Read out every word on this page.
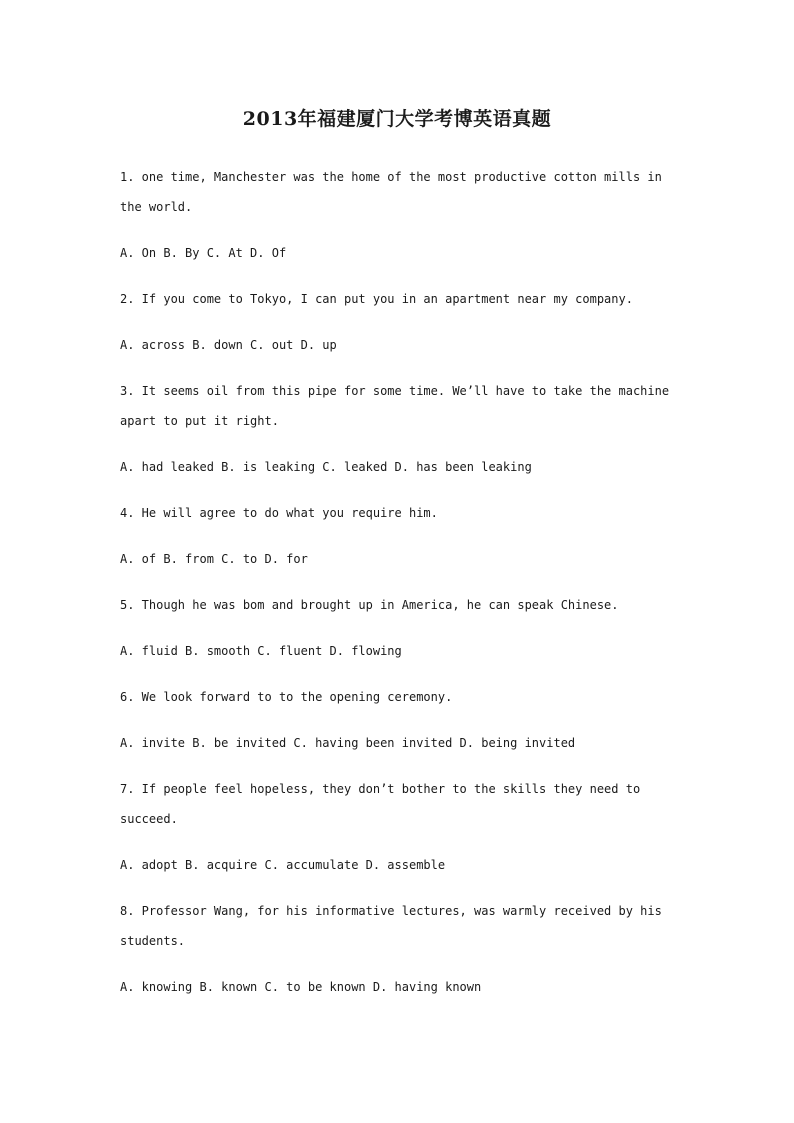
2013年福建厦门大学考博英语真题

1. one time, Manchester was the home of the most productive cotton mills in the world.

A. On B. By C. At D. Of

2. If you come to Tokyo, I can put you in an apartment near my company.

A. across B. down C. out D. up

3. It seems oil from this pipe for some time. We’ll have to take the machine apart to put it right.

A. had leaked B. is leaking C. leaked D. has been leaking

4. He will agree to do what you require him.

A. of B. from C. to D. for

5. Though he was bom and brought up in America, he can speak Chinese.

A. fluid B. smooth C. fluent D. flowing

6. We look forward to to the opening ceremony.

A. invite B. be invited C. having been invited D. being invited

7. If people feel hopeless, they don’t bother to the skills they need to succeed.

A. adopt B. acquire C. accumulate D. assemble

8. Professor Wang, for his informative lectures, was warmly received by his students.

A. knowing B. known C. to be known D. having known
